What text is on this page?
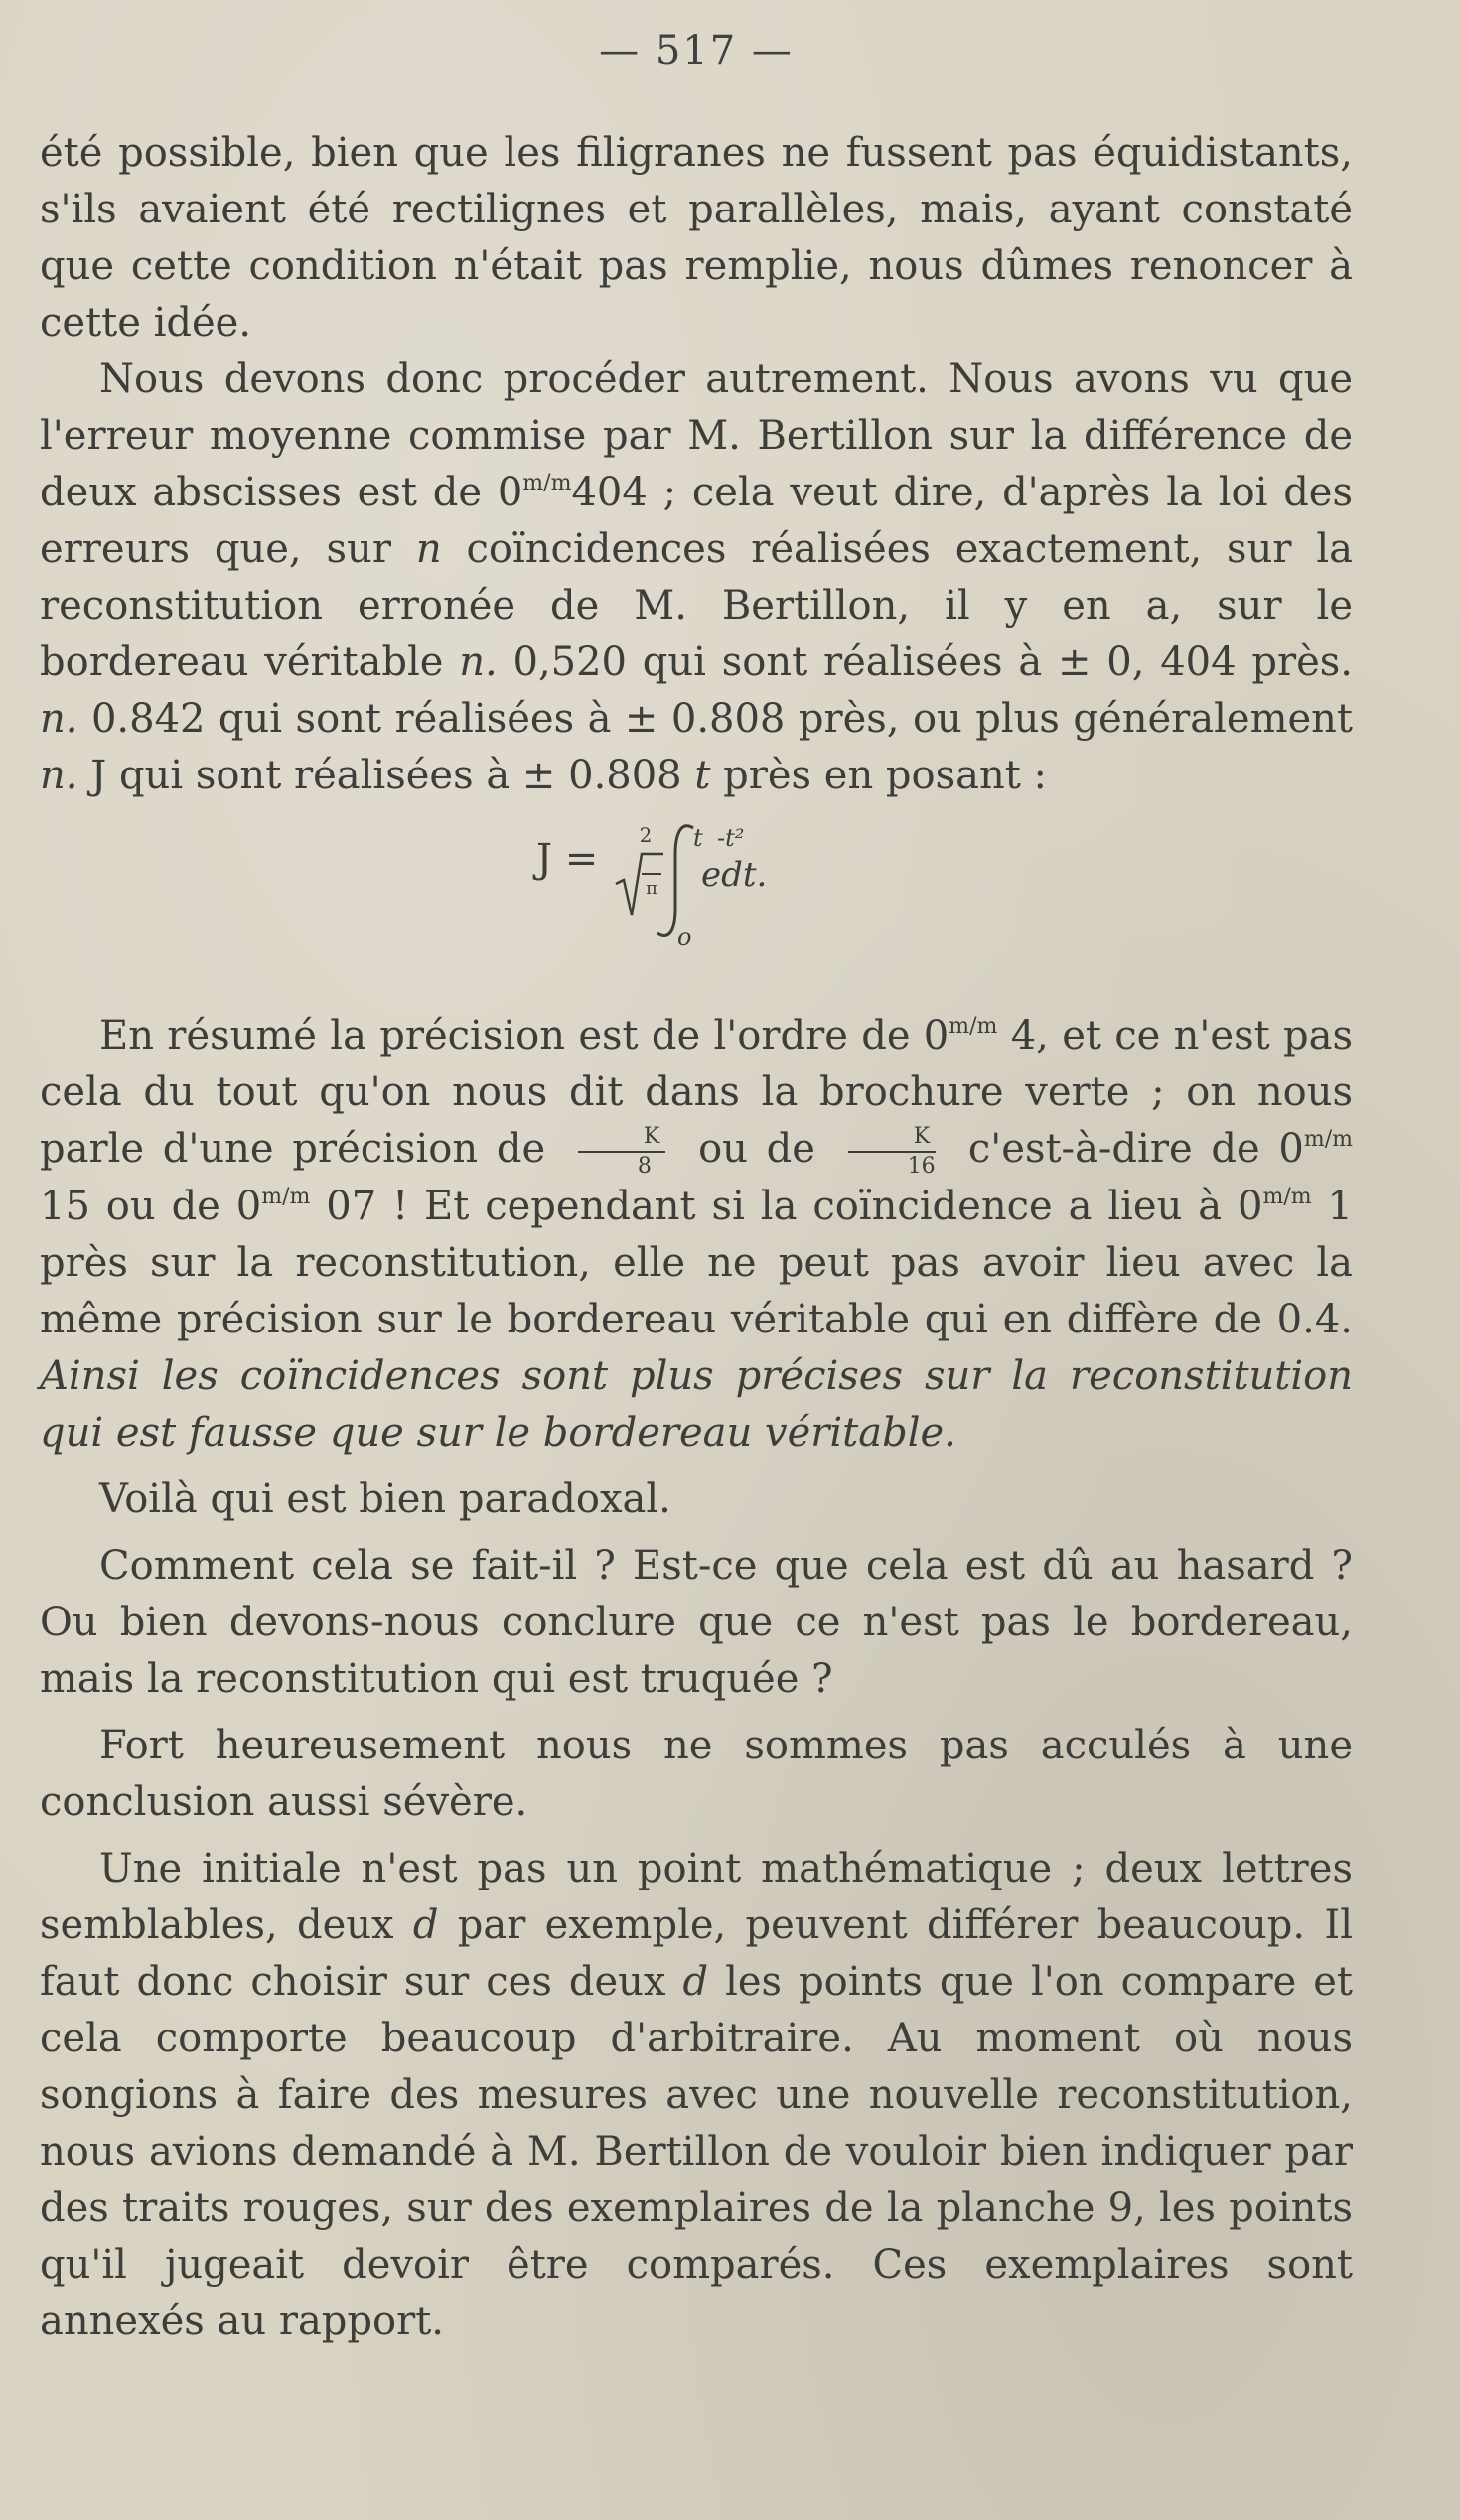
— 517 —

été possible, bien que les filigranes ne fussent pas équidistants, s'ils avaient été rectilignes et parallèles, mais, ayant constaté que cette condition n'était pas remplie, nous dûmes renoncer à cette idée.

Nous devons donc procéder autrement. Nous avons vu que l'erreur moyenne commise par M. Bertillon sur la différence de deux abscisses est de $0^{m/m}404$ ; cela veut dire, d'après la loi des erreurs que, sur n coïncidences réalisées exactement, sur la reconstitution erronée de M. Bertillon, il y en a, sur le bordereau véritable n. 0,520 qui sont réalisées à ± 0, 404 près. n. 0.842 qui sont réalisées à ± 0.808 près, ou plus généralement n. J qui sont réalisées à ± 0.808 t près en posant :

J =
2
π
t
o
-t²
edt.

En résumé la précision est de l'ordre de $0^{m/m}$ 4, et ce n'est pas cela du tout qu'on nous dit dans la brochure verte ; on nous parle d'une précision de $\frac{K}{8}$ ou de $\frac{K}{16}$ c'est-à-dire de $0^{m/m}$ 15 ou de $0^{m/m}$ 07 ! Et cependant si la coïncidence a lieu à $0^{m/m}$ 1 près sur la reconstitution, elle ne peut pas avoir lieu avec la même précision sur le bordereau véritable qui en diffère de 0.4. Ainsi les coïncidences sont plus précises sur la reconstitution qui est fausse que sur le bordereau véritable.

Voilà qui est bien paradoxal.

Comment cela se fait-il ? Est-ce que cela est dû au hasard ? Ou bien devons-nous conclure que ce n'est pas le bordereau, mais la reconstitution qui est truquée ?

Fort heureusement nous ne sommes pas acculés à une conclusion aussi sévère.

Une initiale n'est pas un point mathématique ; deux lettres semblables, deux d par exemple, peuvent différer beaucoup. Il faut donc choisir sur ces deux d les points que l'on compare et cela comporte beaucoup d'arbitraire. Au moment où nous songions à faire des mesures avec une nouvelle reconstitution, nous avions demandé à M. Bertillon de vouloir bien indiquer par des traits rouges, sur des exemplaires de la planche 9, les points qu'il jugeait devoir être comparés. Ces exemplaires sont annexés au rapport.
